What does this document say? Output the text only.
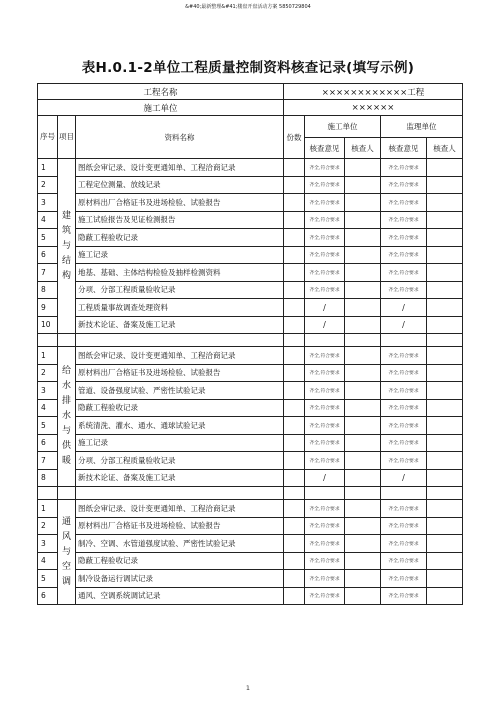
&#40;最新整理&#41;楼盘开盘活动方案 5850729804
表H.0.1-2单位工程质量控制资料核查记录(填写示例)
工程名称			××××××××××××工程				
施工单位			××××××				
序号	项目	资料名称	份数	施工单位		监理单位	
				核查意见	核查人	核查意见	核查人
1	建筑与结构	图纸会审记录、设计变更通知单、工程洽商记录		齐全,符合要求		齐全,符合要求	
2		工程定位测量、放线记录		齐全,符合要求		齐全,符合要求	
3		原材料出厂合格证书及进场检验、试验报告		齐全,符合要求		齐全,符合要求	
4		施工试验报告及见证检测报告		齐全,符合要求		齐全,符合要求	
5		隐蔽工程验收记录		齐全,符合要求		齐全,符合要求	
6		施工记录		齐全,符合要求		齐全,符合要求	
7		地基、基础、主体结构检验及抽样检测资料		齐全,符合要求		齐全,符合要求	
8		分项、分部工程质量验收记录		齐全,符合要求		齐全,符合要求	
9		工程质量事故调查处理资料		/		/	
10		新技术论证、备案及施工记录		/		/	

1	给水排水与供暖	图纸会审记录、设计变更通知单、工程洽商记录		齐全,符合要求		齐全,符合要求	
2		原材料出厂合格证书及进场检验、试验报告		齐全,符合要求		齐全,符合要求	
3		管道、设备强度试验、严密性试验记录		齐全,符合要求		齐全,符合要求	
4		隐蔽工程验收记录		齐全,符合要求		齐全,符合要求	
5		系统清洗、灌水、通水、通球试验记录		齐全,符合要求		齐全,符合要求	
6		施工记录		齐全,符合要求		齐全,符合要求	
7		分项、分部工程质量验收记录		齐全,符合要求		齐全,符合要求	
8		新技术论证、备案及施工记录		/		/	

1	通风与空调	图纸会审记录、设计变更通知单、工程洽商记录		齐全,符合要求		齐全,符合要求	
2		原材料出厂合格证书及进场检验、试验报告		齐全,符合要求		齐全,符合要求	
3		制冷、空调、水管道强度试验、严密性试验记录		齐全,符合要求		齐全,符合要求	
4		隐蔽工程验收记录		齐全,符合要求		齐全,符合要求	
5		制冷设备运行调试记录		齐全,符合要求		齐全,符合要求	
6		通风、空调系统调试记录		齐全,符合要求		齐全,符合要求	
1
